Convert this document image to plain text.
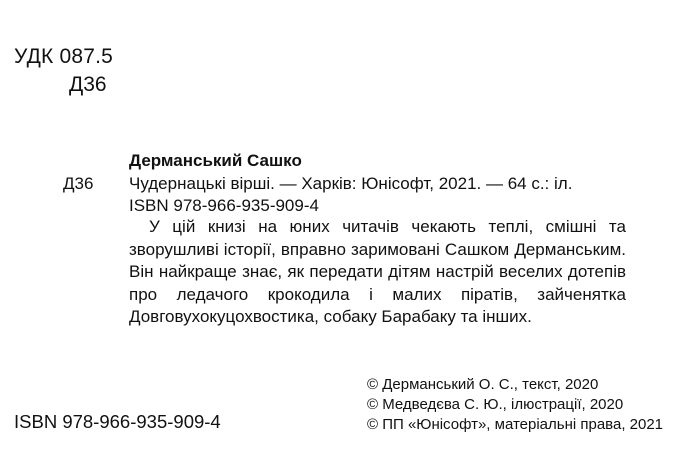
УДК 087.5
Д36
Дерманський Сашко
Д36 Чудернацькі вірші. — Харків: Юнісофт, 2021. — 64 с.: іл.
ISBN 978-966-935-909-4
У цій книзі на юних читачів чекають теплі, смішні та зворушливі історії, вправно заримовані Сашком Дерманським. Він найкраще знає, як передати дітям настрій веселих дотепів про ледачого крокодила і малих піратів, зайченятка Довговухокуцохвостика, собаку Барабаку та інших.
© Дерманський О. С., текст, 2020
© Медведєва С. Ю., ілюстрації, 2020
© ПП «Юнісофт», матеріальні права, 2021
ISBN 978-966-935-909-4
